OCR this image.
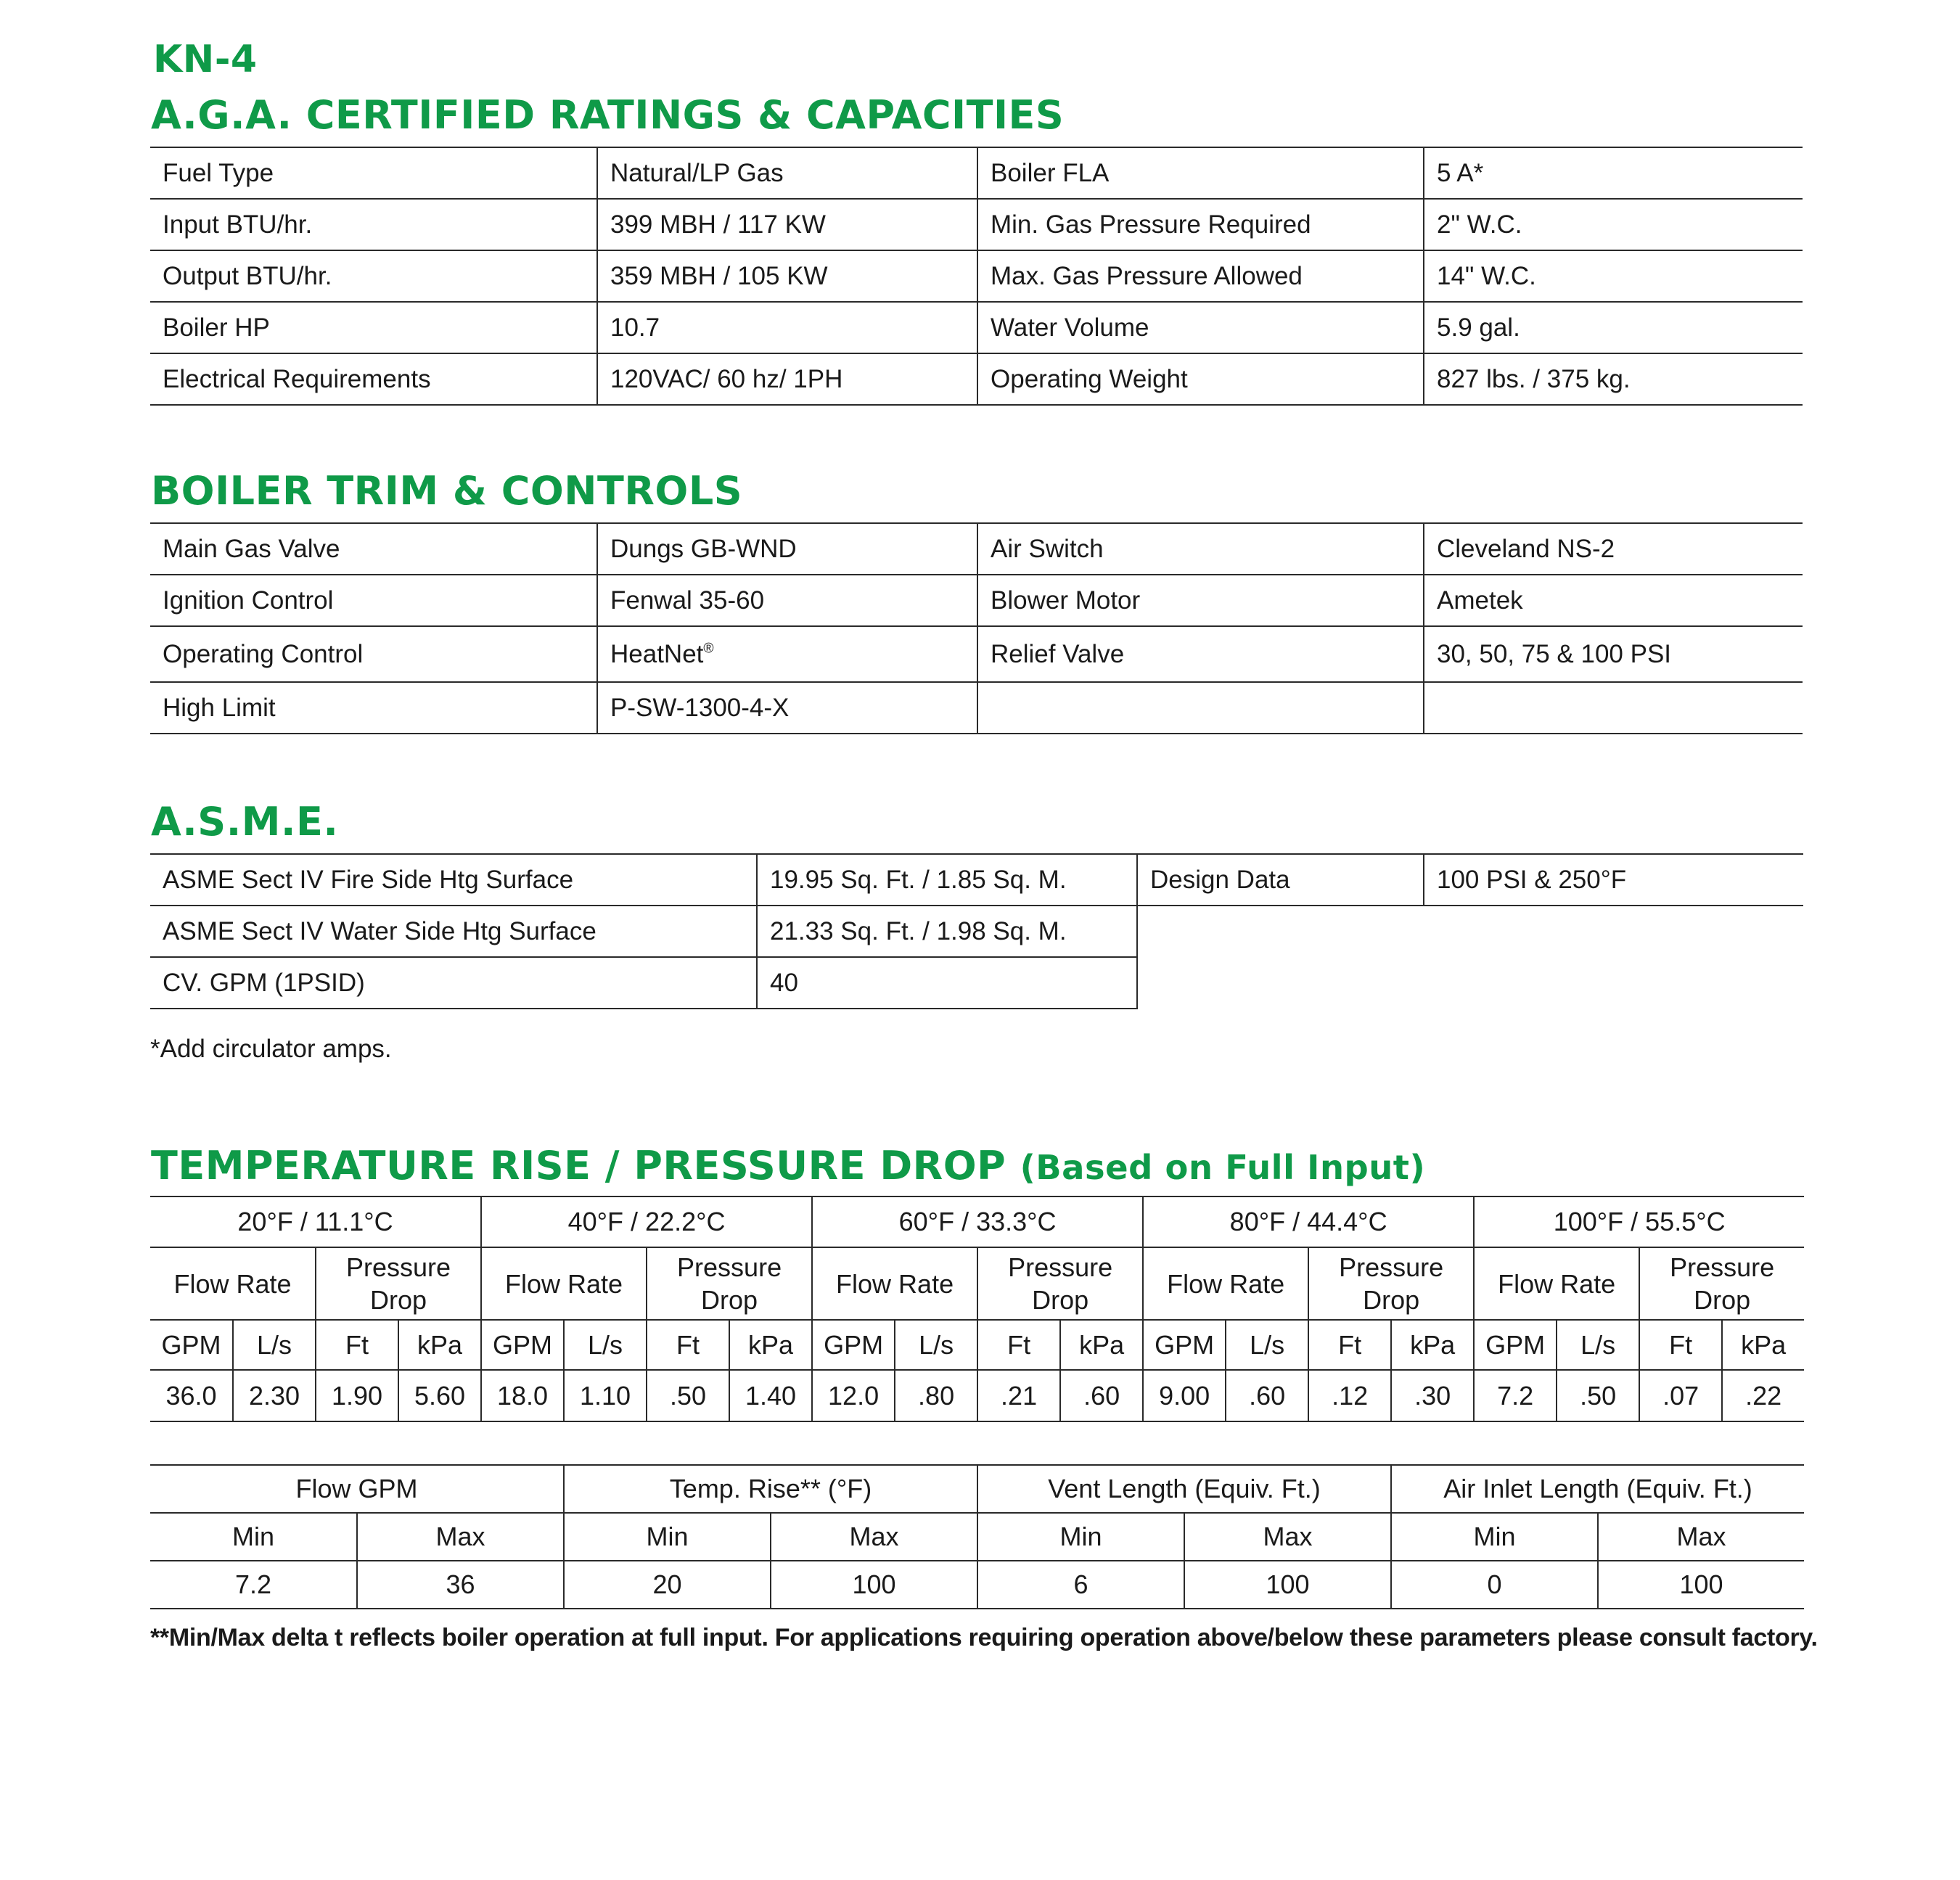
KN-4
A.G.A. CERTIFIED RATINGS & CAPACITIES
Fuel Type	Natural/LP Gas	Boiler FLA	5 A*
Input BTU/hr.	399 MBH / 117 KW	Min. Gas Pressure Required	2" W.C.
Output BTU/hr.	359 MBH / 105 KW	Max. Gas Pressure Allowed	14" W.C.
Boiler HP	10.7	Water Volume	5.9 gal.
Electrical Requirements	120VAC/ 60 hz/ 1PH	Operating Weight	827 lbs. / 375 kg.
BOILER TRIM & CONTROLS
Main Gas Valve	Dungs GB-WND	Air Switch	Cleveland NS-2
Ignition Control	Fenwal 35-60	Blower Motor	Ametek
Operating Control	HeatNet®	Relief Valve	30, 50, 75 & 100 PSI
High Limit	P-SW-1300-4-X		
A.S.M.E.
ASME Sect IV Fire Side Htg Surface	19.95 Sq. Ft. / 1.85 Sq. M.	Design Data	100 PSI & 250°F
ASME Sect IV Water Side Htg Surface	21.33 Sq. Ft. / 1.98 Sq. M.		
CV. GPM (1PSID)	40		
*Add circulator amps.
TEMPERATURE RISE / PRESSURE DROP (Based on Full Input)
20°F / 11.1°C				40°F / 22.2°C				60°F / 33.3°C				80°F / 44.4°C				100°F / 55.5°C			
Flow Rate		Pressure Drop		Flow Rate		Pressure Drop		Flow Rate		Pressure Drop		Flow Rate		Pressure Drop		Flow Rate		Pressure Drop	
GPM	L/s	Ft	kPa	GPM	L/s	Ft	kPa	GPM	L/s	Ft	kPa	GPM	L/s	Ft	kPa	GPM	L/s	Ft	kPa
36.0	2.30	1.90	5.60	18.0	1.10	.50	1.40	12.0	.80	.21	.60	9.00	.60	.12	.30	7.2	.50	.07	.22
Flow GPM		Temp. Rise** (°F)		Vent Length (Equiv. Ft.)		Air Inlet Length (Equiv. Ft.)	
Min	Max	Min	Max	Min	Max	Min	Max
7.2	36	20	100	6	100	0	100
**Min/Max delta t reflects boiler operation at full input. For applications requiring operation above/below these parameters please consult factory.
